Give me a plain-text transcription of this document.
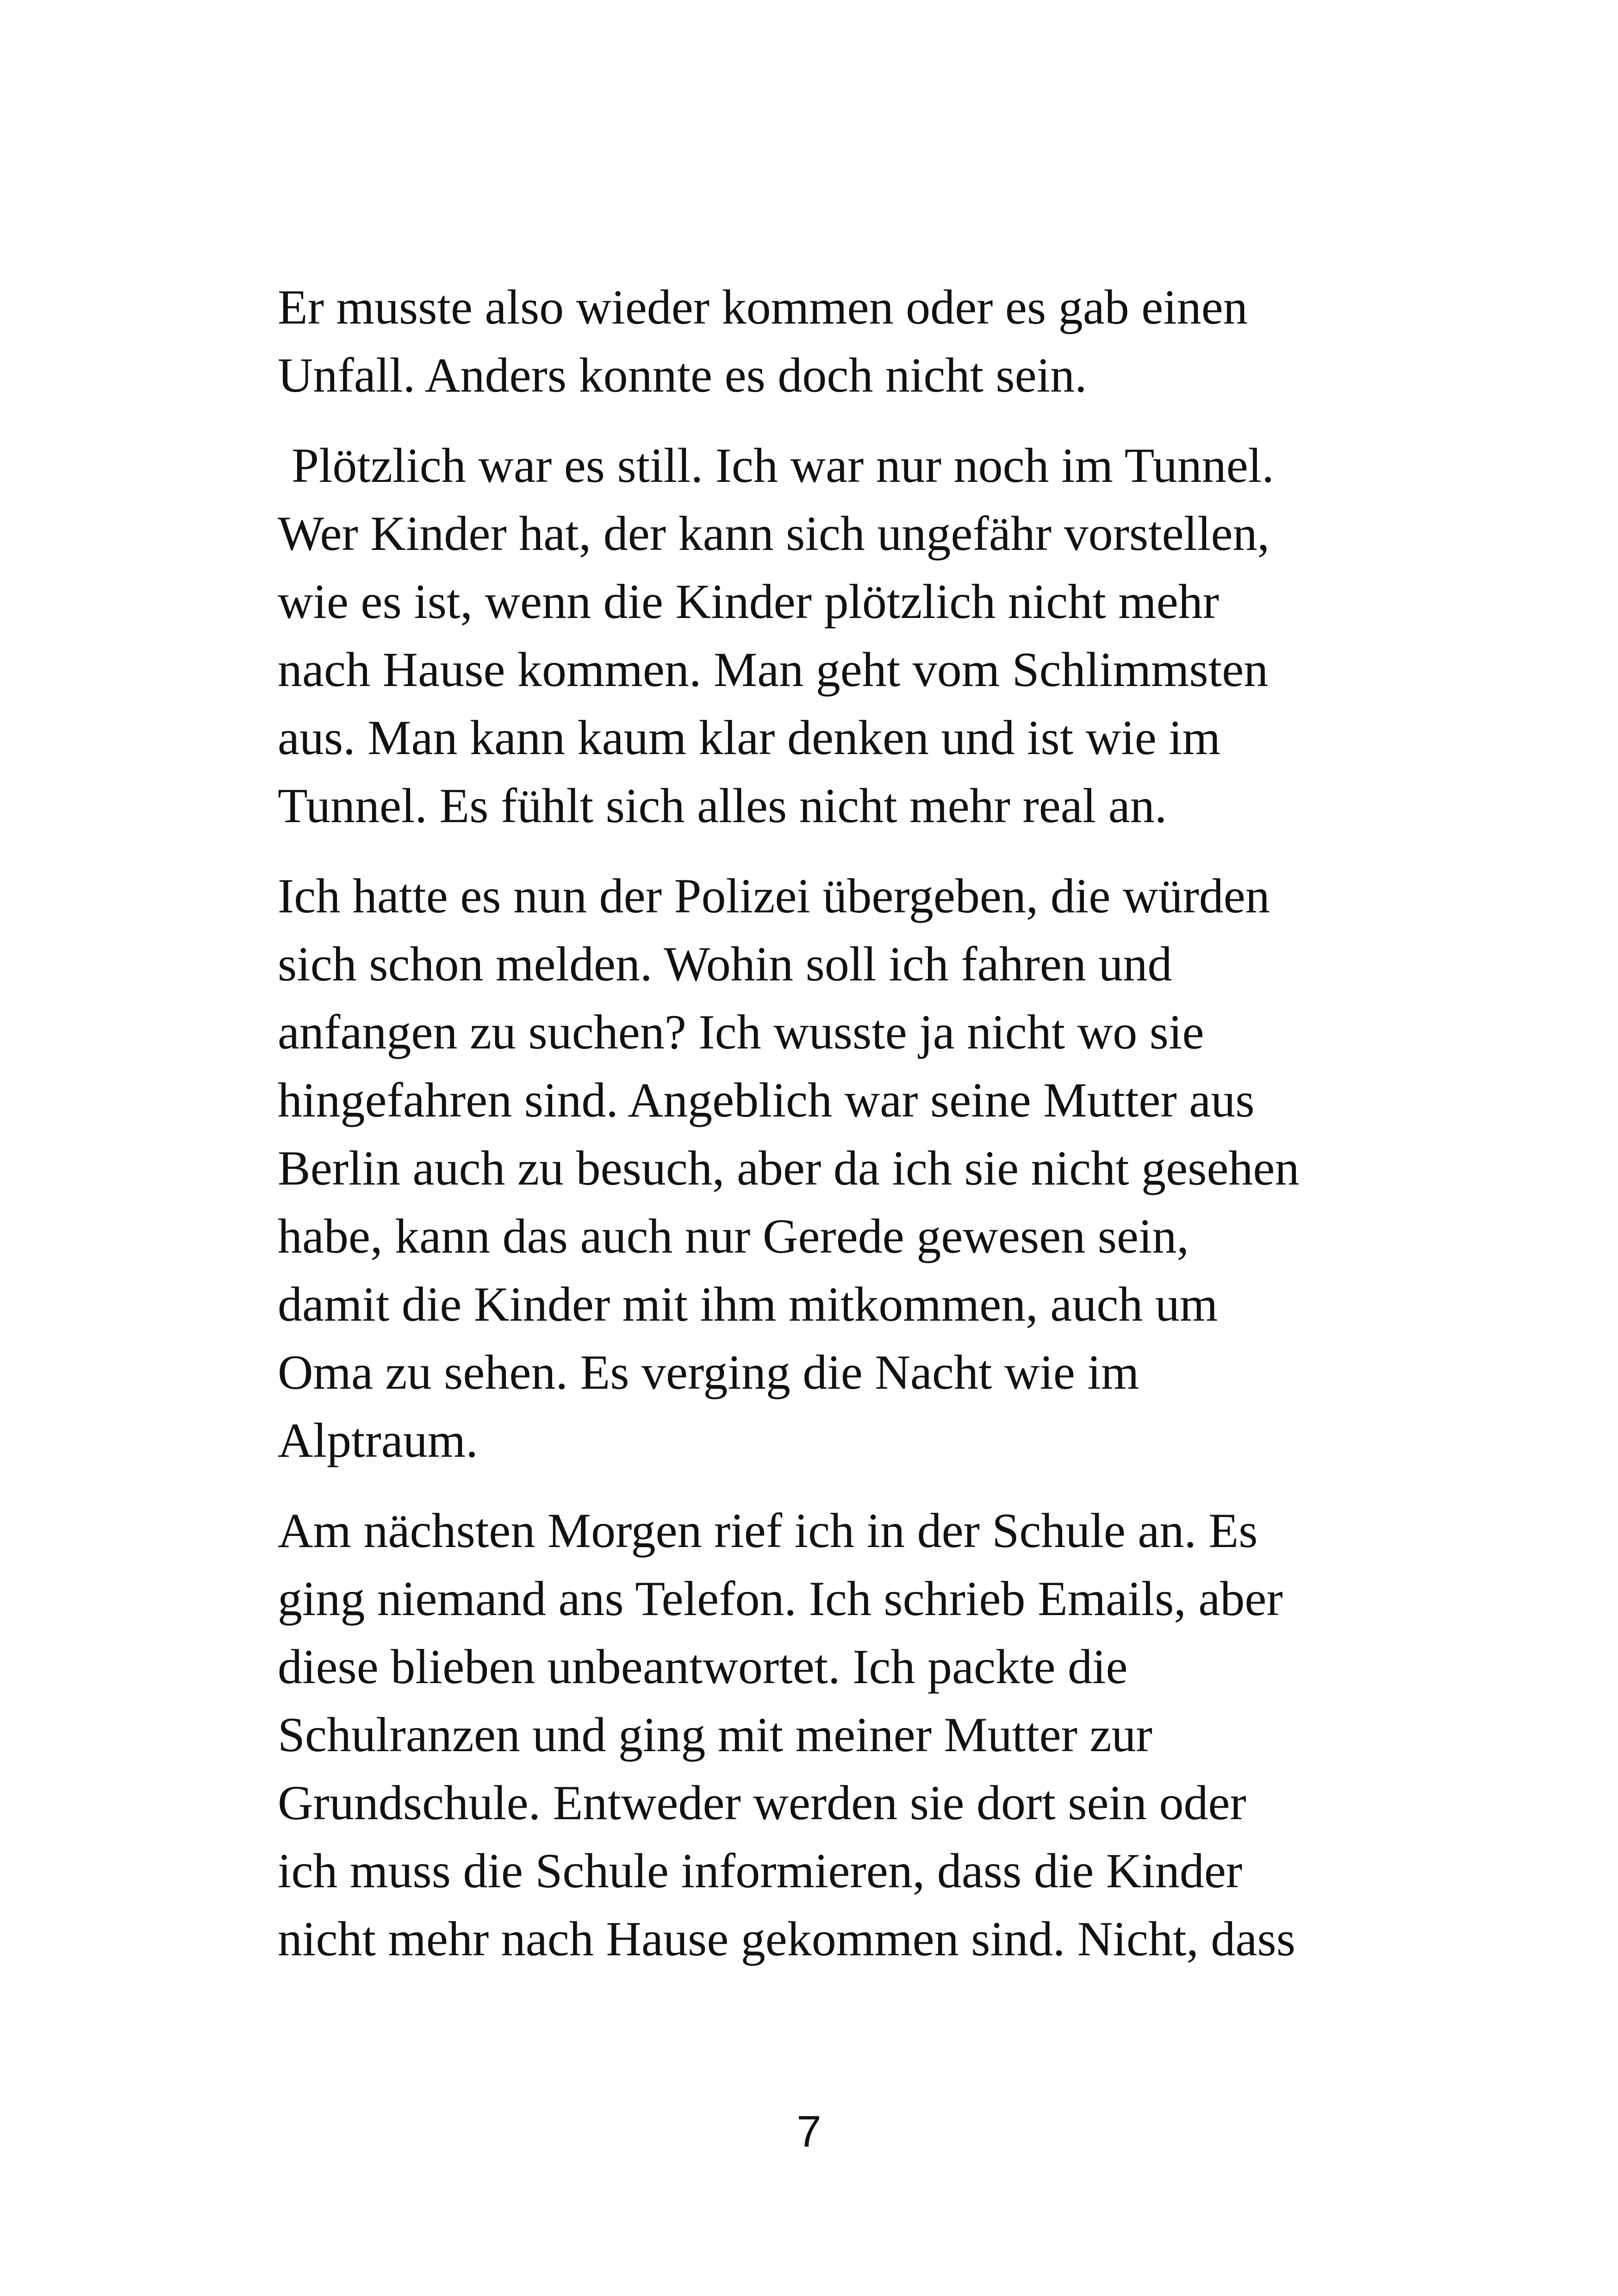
Er musste also wieder kommen oder es gab einen
Unfall. Anders konnte es doch nicht sein.

Plötzlich war es still. Ich war nur noch im Tunnel.
Wer Kinder hat, der kann sich ungefähr vorstellen,
wie es ist, wenn die Kinder plötzlich nicht mehr
nach Hause kommen. Man geht vom Schlimmsten
aus. Man kann kaum klar denken und ist wie im
Tunnel. Es fühlt sich alles nicht mehr real an.

Ich hatte es nun der Polizei übergeben, die würden
sich schon melden. Wohin soll ich fahren und
anfangen zu suchen? Ich wusste ja nicht wo sie
hingefahren sind. Angeblich war seine Mutter aus
Berlin auch zu besuch, aber da ich sie nicht gesehen
habe, kann das auch nur Gerede gewesen sein,
damit die Kinder mit ihm mitkommen, auch um
Oma zu sehen. Es verging die Nacht wie im
Alptraum.

Am nächsten Morgen rief ich in der Schule an. Es
ging niemand ans Telefon. Ich schrieb Emails, aber
diese blieben unbeantwortet. Ich packte die
Schulranzen und ging mit meiner Mutter zur
Grundschule. Entweder werden sie dort sein oder
ich muss die Schule informieren, dass die Kinder
nicht mehr nach Hause gekommen sind. Nicht, dass

7
